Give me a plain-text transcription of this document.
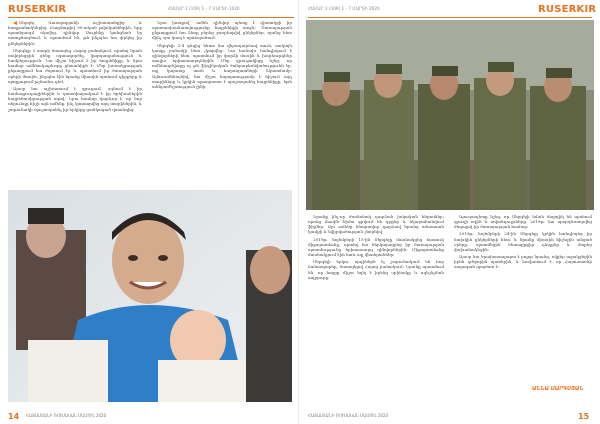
RUSERKIR	ՀԱՄԱՐ 2 (109) 1 - 7 ՄԱՐՏԻ 2020

Սերգեյ Գասպարյանի աշխատանքից և հաղթանակներից: Բազմաթիվ 90-ական թվականներին, երբ պատերազմ սկսվեց, զինվոր Սուրենը կանգնած էր առաջնագծում, և պատմում են, թե ինչպես նա փրկեց իր ընկերներին:

Սերգեյը 3 տարի ծառայեց Հայոց բանակում, որտեղ նրան սովորեցրին զենք օգտագործել, կարգապահություն և համբերություն: Նա միշտ հիշում է իր հայրենիքը, և նրա համար ամենակարևորը ընտանիքն է: Մեր խոսակցության ընթացքում նա ժպտում էր և պատմում իր ծառայության օրերի մասին, ինչպես էին նրանք միասին պահում դիրքերը և պայքարում թշնամու դեմ:

Այսօր նա աշխատում է գյուղում, օգնում է իր համագյուղացիներին և դաստիարակում է իր երեխաներին հայրենասիրության ոգով: Նրա համար կարևոր է, որ նոր սերունդը հիշի այն ամենը, ինչ կատարվեց այդ տարիներին, և շարունակի պաշտպանել իր երկիրը ցանկացած վտանգից:

Նրա խոսքով՝ ամեն զինվոր պետք է գիտակցի իր պատասխանատվությունը հայրենիքի առջև: Ծառայության ընթացքում նա ձեռք բերեց բազմաթիվ ընկերներ, որոնց հետ մինչ օրս կապ է պահպանում:

Սերգեյի 3-4 գնդից հետո նա վերադարձավ տուն, սակայն կապը բանակի հետ չկտրվեց: Նա հաճախ հանդիպում է զինվորների հետ, պատմում իր փորձի մասին և խորհուրդներ տալիս երիտասարդներին: Մեր զրուցակիցը նշեց, որ ամենադժվարը ոչ թե ֆիզիկական ծանրաբեռնվածությունն էր, այլ կարոտը տան և հարազատների նկատմամբ: Այնուամենայնիվ, նա միշտ հպարտությամբ է հիշում այդ տարիները և կրկին պատրաստ է պաշտպանել հայրենիքը, եթե անհրաժեշտություն լինի:

14 ՀԱՅԱՍՏԱՆԻ ՌՈՒՍԱԿԱՆ ՄԱՄՈՒԼ 2020
ՀԱՄԱՐ 2 (109) 1 - 7 ՄԱՐՏԻ 2020	RUSERKIR

Նրանք ինչ-որ ժամանակ դարձան իսկական հերոսներ, որոնց մասին հիմա գրվում են գրքեր և նկարահանվում ֆիլմեր: Այս ամենը հնարավոր դարձավ նրանց անսասան կամքի և նվիրվածության շնորհիվ:

2019թ. նոյեմբերի 15-ին Սերգեյը մասնակցեց հատուկ միջոցառմանը, որտեղ նա ներկայացրեց իր ծառայության պատմությունը երիտասարդ զինվորներին: Միջոցառմանը մասնակցում էին նաև այլ վետերաններ:

Սերգեյի երկու որդիներն էլ շարունակում են հոր ճանապարհը, ծառայելով Հայոց բանակում: Նրանք պատմում են, որ հայրը միշտ եղել է իրենց օրինակը և ոգեշնչման աղբյուրը:

Գյուղապետը նշեց, որ Սերգեյի նման մարդիկ են պահում գյուղի ոգին և ավանդույթները: 2018թ. նա պարգևատրվեց մեդալով իր ծառայության համար:

2019թ. նոյեմբերի 24-ին Սերգեյը կրկին հանդիպեց իր նախկին ընկերների հետ, և նրանք միասին հիշեցին անցած օրերը, պատմեցին հետաքրքիր դեպքեր և մտքեր փոխանակեցին:

Այսօր նա երախտապարտ է բոլոր նրանց, ովքեր աջակցեցին իրեն դժվարին պահերին, և հավատում է, որ Հայաստանի ապագան պայծառ է:

ԱՆՆԱ ՍԱՐԳՍՅԱՆ
ՀԱՅԱՍՏԱՆԻ ՌՈՒՍԱԿԱՆ ՄԱՄՈՒԼ 2020	15
